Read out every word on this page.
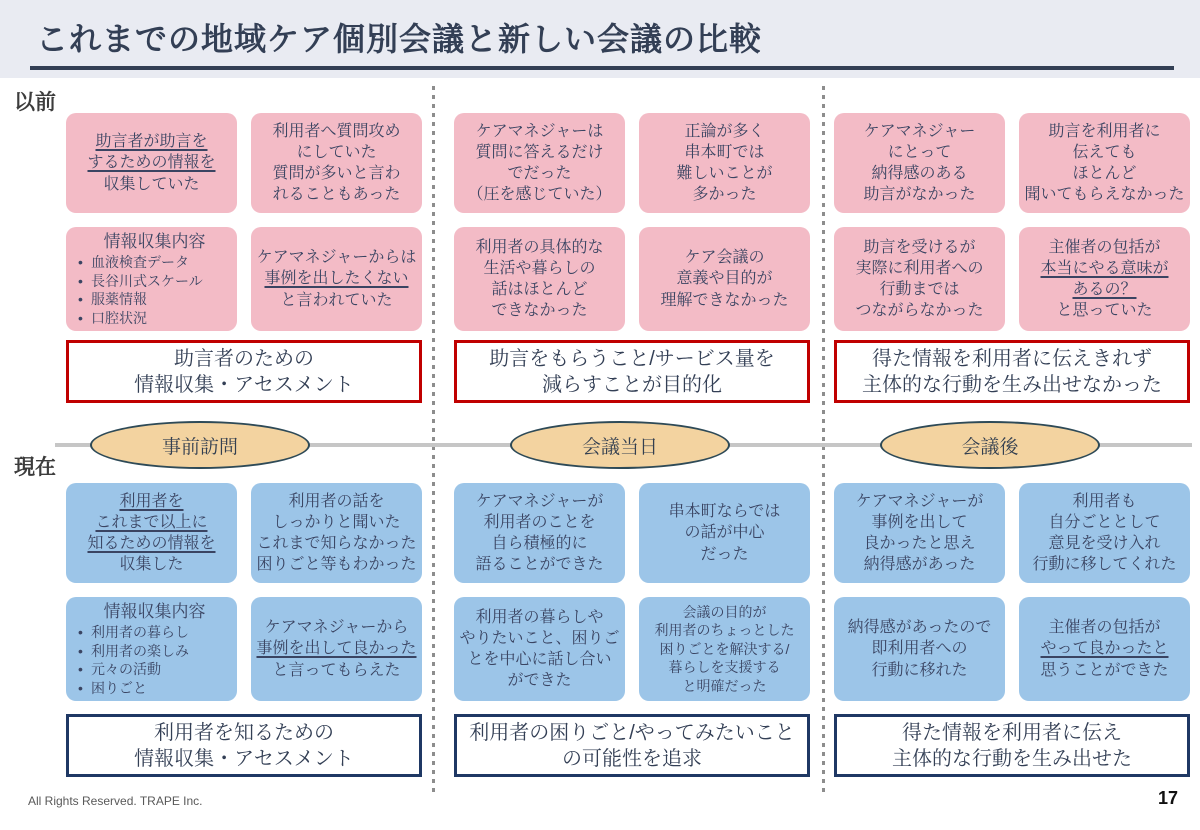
これまでの地域ケア個別会議と新しい会議の比較
以前
現在
助言者が助言を
するための情報を
収集していた
利用者へ質問攻め
にしていた
質問が多いと言わ
れることもあった
情報収集内容
• 血液検査データ
• 長谷川式スケール
• 服薬情報
• 口腔状況
ケアマネジャーからは
事例を出したくない
と言われていた
助言者のための
情報収集・アセスメント
ケアマネジャーは
質問に答えるだけ
でだった
（圧を感じていた）
正論が多く
串本町では
難しいことが
多かった
利用者の具体的な
生活や暮らしの
話はほとんど
できなかった
ケア会議の
意義や目的が
理解できなかった
助言をもらうこと/サービス量を
減らすことが目的化
ケアマネジャー
にとって
納得感のある
助言がなかった
助言を利用者に
伝えても
ほとんど
聞いてもらえなかった
助言を受けるが
実際に利用者への
行動までは
つながらなかった
主催者の包括が
本当にやる意味が
あるの？
と思っていた
得た情報を利用者に伝えきれず
主体的な行動を生み出せなかった
事前訪問	会議当日	会議後
利用者を
これまで以上に
知るための情報を
収集した
利用者の話を
しっかりと聞いた
これまで知らなかった
困りごと等もわかった
情報収集内容
• 利用者の暮らし
• 利用者の楽しみ
• 元々の活動
• 困りごと
ケアマネジャーから
事例を出して良かった
と言ってもらえた
利用者を知るための
情報収集・アセスメント
ケアマネジャーが
利用者のことを
自ら積極的に
語ることができた
串本町ならでは
の話が中心
だった
利用者の暮らしや
やりたいこと、困りご
とを中心に話し合い
ができた
会議の目的が
利用者のちょっとした
困りごとを解決する/
暮らしを支援する
と明確だった
利用者の困りごと/やってみたいこと
の可能性を追求
ケアマネジャーが
事例を出して
良かったと思え
納得感があった
利用者も
自分ごととして
意見を受け入れ
行動に移してくれた
納得感があったので
即利用者への
行動に移れた
主催者の包括が
やって良かったと
思うことができた
得た情報を利用者に伝え
主体的な行動を生み出せた
All Rights Reserved. TRAPE Inc.	17
